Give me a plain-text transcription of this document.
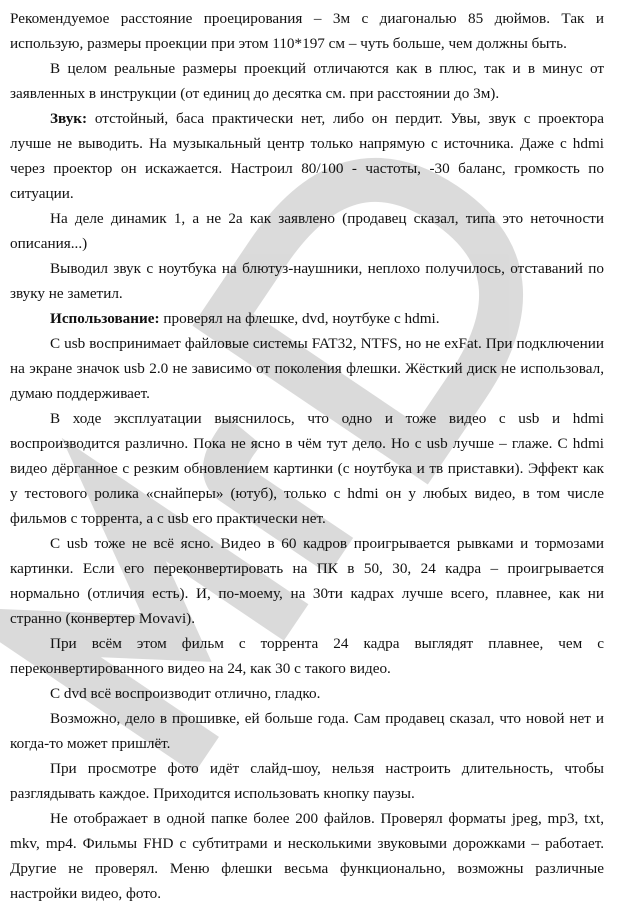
Рекомендуемое расстояние проецирования – 3м с диагональю 85 дюймов. Так и использую, размеры проекции при этом 110*197 см – чуть больше, чем должны быть.

В целом реальные размеры проекций отличаются как в плюс, так и в минус от заявленных в инструкции (от единиц до десятка см. при расстоянии до 3м).

Звук: отстойный, баса практически нет, либо он пердит. Увы, звук с проектора лучше не выводить. На музыкальный центр только напрямую с источника. Даже с hdmi через проектор он искажается. Настроил 80/100 - частоты, -30 баланс, громкость по ситуации.

На деле динамик 1, а не 2а как заявлено (продавец сказал, типа это неточности описания...)

Выводил звук с ноутбука на блютуз-наушники, неплохо получилось, отставаний по звуку не заметил.

Использование: проверял на флешке, dvd, ноутбуке с hdmi.

С usb воспринимает файловые системы FAT32, NTFS, но не exFat. При подключении на экране значок usb 2.0 не зависимо от поколения флешки. Жёсткий диск не использовал, думаю поддерживает.

В ходе эксплуатации выяснилось, что одно и тоже видео с usb и hdmi воспроизводится различно. Пока не ясно в чём тут дело. Но с usb лучше – глаже. С hdmi видео дёрганное с резким обновлением картинки (с ноутбука и тв приставки). Эффект как у тестового ролика «снайперы» (ютуб), только с hdmi он у любых видео, в том числе фильмов с торрента, а с usb его практически нет.

С usb тоже не всё ясно. Видео в 60 кадров проигрывается рывками и тормозами картинки. Если его переконвертировать на ПК в 50, 30, 24 кадра – проигрывается нормально (отличия есть). И, по-моему, на 30ти кадрах лучше всего, плавнее, как ни странно (конвертер Movavi).

При всём этом фильм с торрента 24 кадра выглядят плавнее, чем с переконвертированного видео на 24, как 30 с такого видео.

С dvd всё воспроизводит отлично, гладко.

Возможно, дело в прошивке, ей больше года. Сам продавец сказал, что новой нет и когда-то может пришлёт.

При просмотре фото идёт слайд-шоу, нельзя настроить длительность, чтобы разглядывать каждое. Приходится использовать кнопку паузы.

Не отображает в одной папке более 200 файлов. Проверял форматы jpeg, mp3, txt, mkv, mp4. Фильмы FHD с субтитрами и несколькими звуковыми дорожками – работает. Другие не проверял. Меню флешки весьма функционально, возможны различные настройки видео, фото.
